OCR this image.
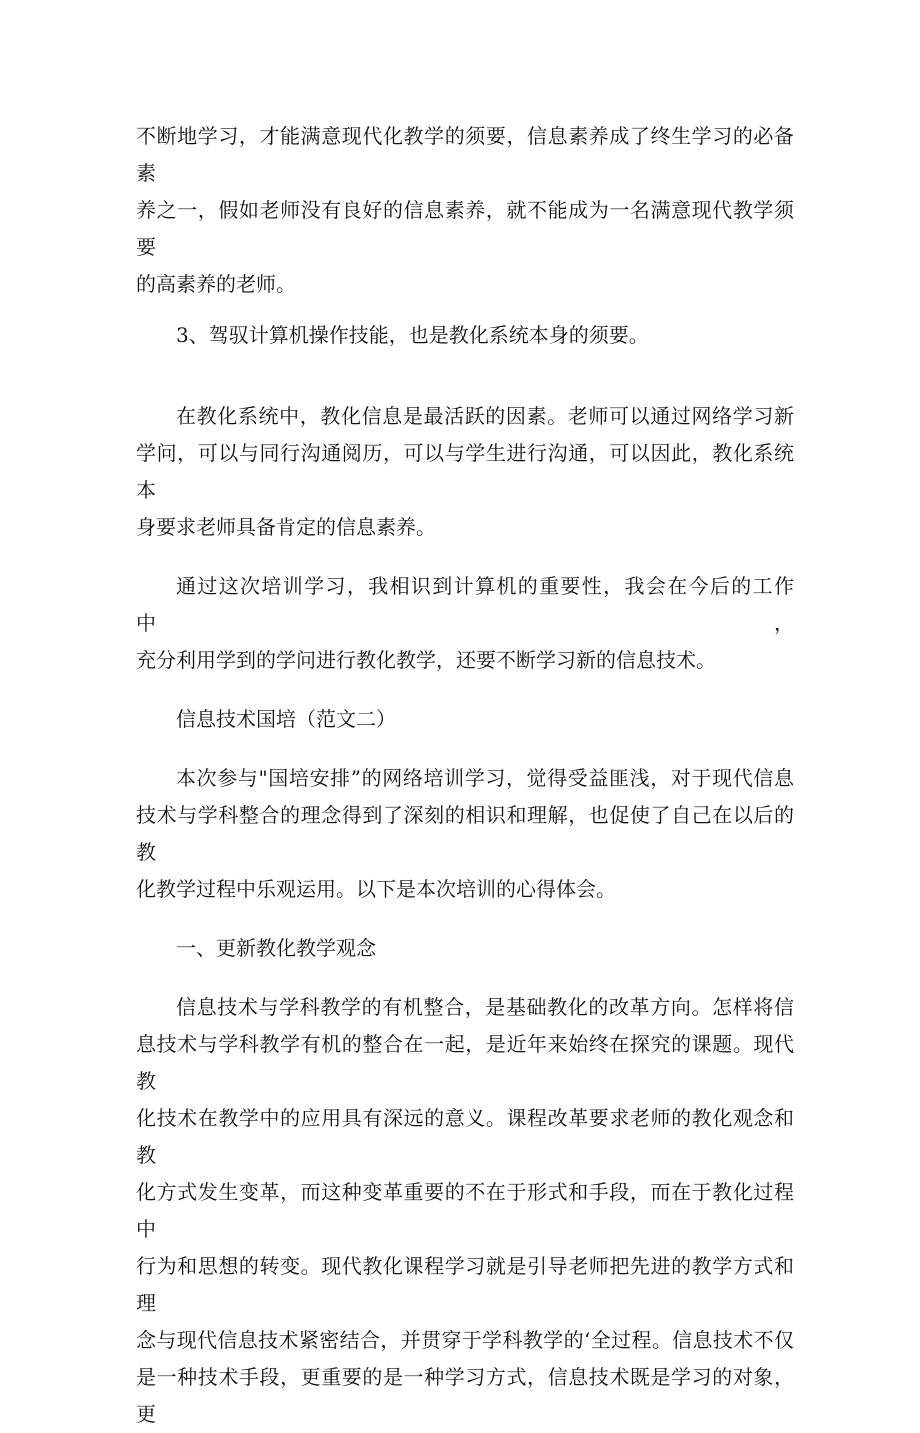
不断地学习，才能满意现代化教学的须要，信息素养成了终生学习的必备素
养之一，假如老师没有良好的信息素养，就不能成为一名满意现代教学须要
的高素养的老师。

3、驾驭计算机操作技能，也是教化系统本身的须要。

在教化系统中，教化信息是最活跃的因素。老师可以通过网络学习新
学问，可以与同行沟通阅历，可以与学生进行沟通，可以因此，教化系统本
身要求老师具备肯定的信息素养。

通过这次培训学习，我相识到计算机的重要性，我会在今后的工作中，
充分利用学到的学问进行教化教学，还要不断学习新的信息技术。

信息技术国培（范文二）

本次参与"国培安排”的网络培训学习，觉得受益匪浅，对于现代信息
技术与学科整合的理念得到了深刻的相识和理解，也促使了自己在以后的教
化教学过程中乐观运用。以下是本次培训的心得体会。

一、更新教化教学观念

信息技术与学科教学的有机整合，是基础教化的改革方向。怎样将信
息技术与学科教学有机的整合在一起，是近年来始终在探究的课题。现代教
化技术在教学中的应用具有深远的意义。课程改革要求老师的教化观念和教
化方式发生变革，而这种变革重要的不在于形式和手段，而在于教化过程中
行为和思想的转变。现代教化课程学习就是引导老师把先进的教学方式和理
念与现代信息技术紧密结合，并贯穿于学科教学的‘全过程。信息技术不仅
是一种技术手段，更重要的是一种学习方式，信息技术既是学习的对象，更
